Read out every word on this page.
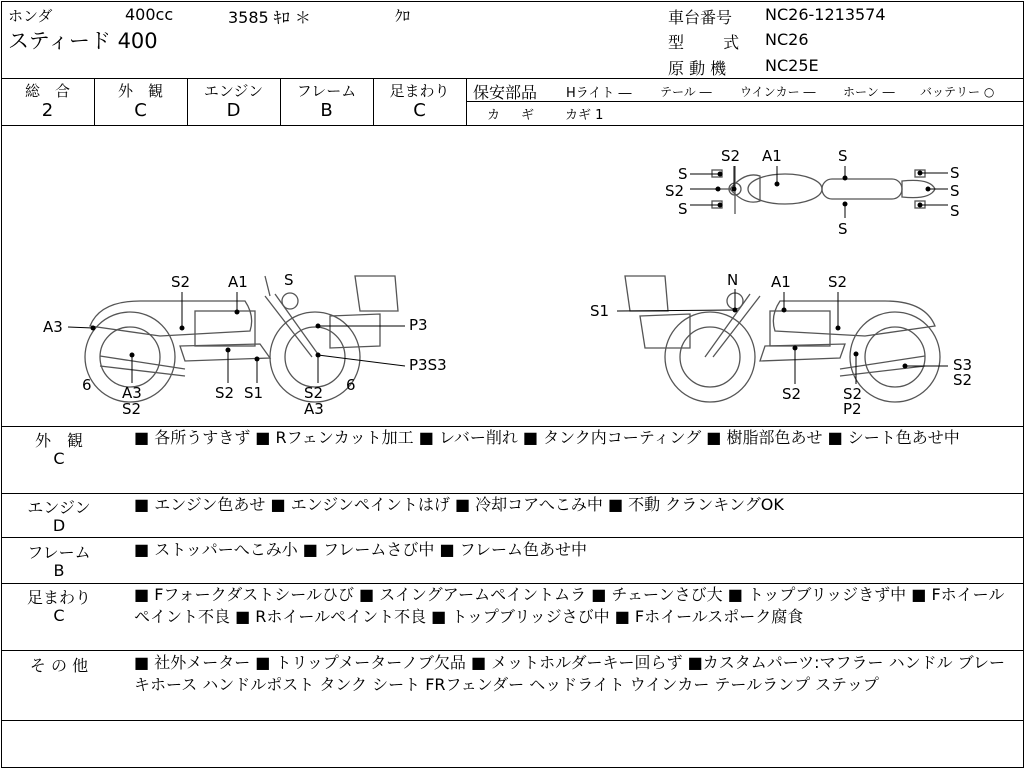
ホンダ	400cc	3585 ｷﾛ ＊	ｸﾛ
スティード 400
車台番号 NC26-1213574
型　 式 NC26
原 動 機 NC25E
総　合
2
外　観
C
エンジン
D
フレーム
B
足まわり
C
保安部品 Hライト ― テール ― ウインカー ― ホーン ― バッテリー ○
カ　ギ カギ 1
S2 A1	S
S
S2
S
S
S
S
S
A1 S
S2
A3	P3
P3S3
6 A3
S2
S2 S1	S2 6
A3
N A1 S2
S1
S3
S2
S2	S2
P2
外　観
C
■ 各所うすきず ■ Rフェンカット加工 ■ レバー削れ ■ タンク内コーティング ■ 樹脂部色あせ ■ シート色あせ中
エンジン
D
■ エンジン色あせ ■ エンジンペイントはげ ■ 冷却コアへこみ中 ■ 不動 クランキングOK
フレーム
B
■ ストッパーへこみ小 ■ フレームさび中 ■ フレーム色あせ中
足まわり
C
■ Fフォークダストシールひび ■ スイングアームペイントムラ ■ チェーンさび大 ■ トップブリッジきず中 ■ Fホイールペイント不良 ■ Rホイールペイント不良 ■ トップブリッジさび中 ■ Fホイールスポーク腐食
そ の 他	■ 社外メーター ■ トリップメーターノブ欠品 ■ メットホルダーキー回らず ■カスタムパーツ:マフラー ハンドル ブレーキホース ハンドルポスト タンク シート FRフェンダー ヘッドライト ウインカー テールランプ ステップ
